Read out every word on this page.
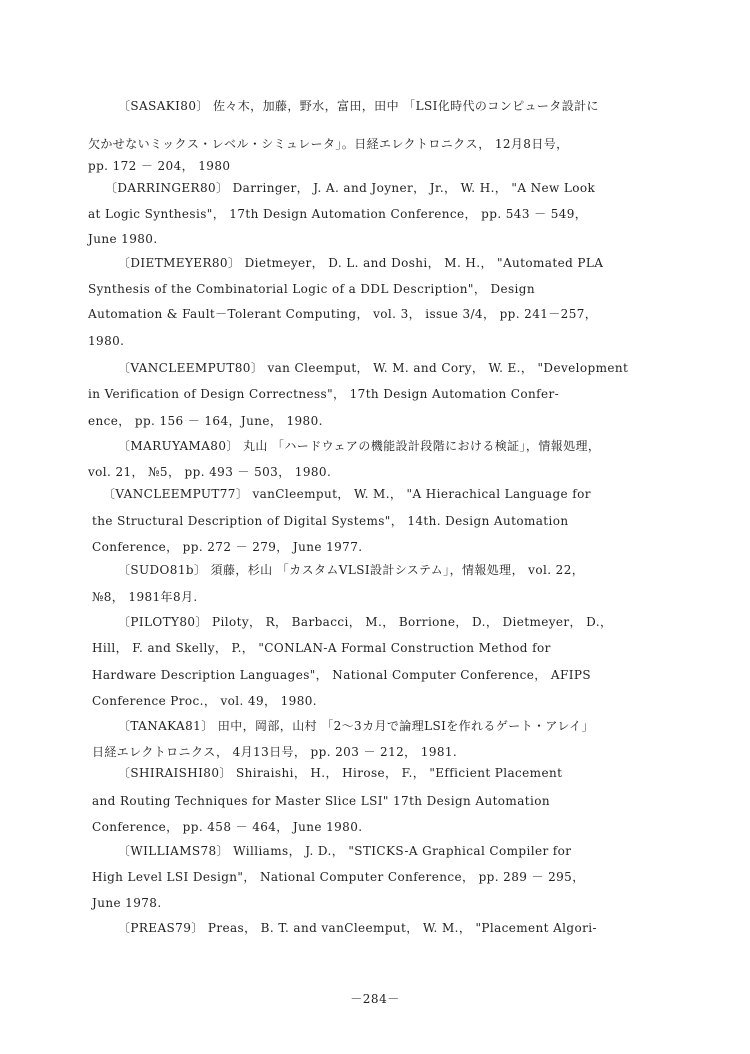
〔SASAKI80〕 佐々木，加藤，野水，富田，田中 「LSI化時代のコンピュータ設計に
欠かせないミックス・レベル・シミュレータ」。日経エレクトロニクス， 12月8日号，
pp. 172 － 204， 1980
〔DARRINGER80〕 Darringer， J. A. and Joyner， Jr.， W. H.， "A New Look
at Logic Synthesis"， 17th Design Automation Conference， pp. 543 － 549，
June 1980.
〔DIETMEYER80〕 Dietmeyer， D. L. and Doshi， M. H.， "Automated PLA
Synthesis of the Combinatorial Logic of a DDL Description"， Design
Automation & Fault－Tolerant Computing， vol. 3， issue 3/4， pp. 241－257，
1980.
〔VANCLEEMPUT80〕 van Cleemput， W. M. and Cory， W. E.， "Development
in Verification of Design Correctness"， 17th Design Automation Confer-
ence， pp. 156 － 164，June， 1980.
〔MARUYAMA80〕 丸山 「ハードウェアの機能設計段階における検証」，情報処理，
vol. 21， №5， pp. 493 － 503， 1980.
〔VANCLEEMPUT77〕 vanCleemput， W. M.， "A Hierachical Language for
the Structural Description of Digital Systems"， 14th. Design Automation
Conference， pp. 272 － 279， June 1977.
〔SUDO81b〕 須藤，杉山 「カスタムVLSI設計システム」，情報処理， vol. 22，
№8， 1981年8月.
〔PILOTY80〕 Piloty， R， Barbacci， M.， Borrione， D.， Dietmeyer， D.，
Hill， F. and Skelly， P.， "CONLAN-A Formal Construction Method for
Hardware Description Languages"， National Computer Conference， AFIPS
Conference Proc.， vol. 49， 1980.
〔TANAKA81〕 田中，岡部，山村 「2～3カ月で論理LSIを作れるゲート・アレイ」
日経エレクトロニクス， 4月13日号， pp. 203 － 212， 1981.
〔SHIRAISHI80〕 Shiraishi， H.， Hirose， F.， "Efficient Placement
and Routing Techniques for Master Slice LSI" 17th Design Automation
Conference， pp. 458 － 464， June 1980.
〔WILLIAMS78〕 Williams， J. D.， "STICKS-A Graphical Compiler for
High Level LSI Design"， National Computer Conference， pp. 289 － 295，
June 1978.
〔PREAS79〕 Preas， B. T. and vanCleemput， W. M.， "Placement Algori-
－284－
